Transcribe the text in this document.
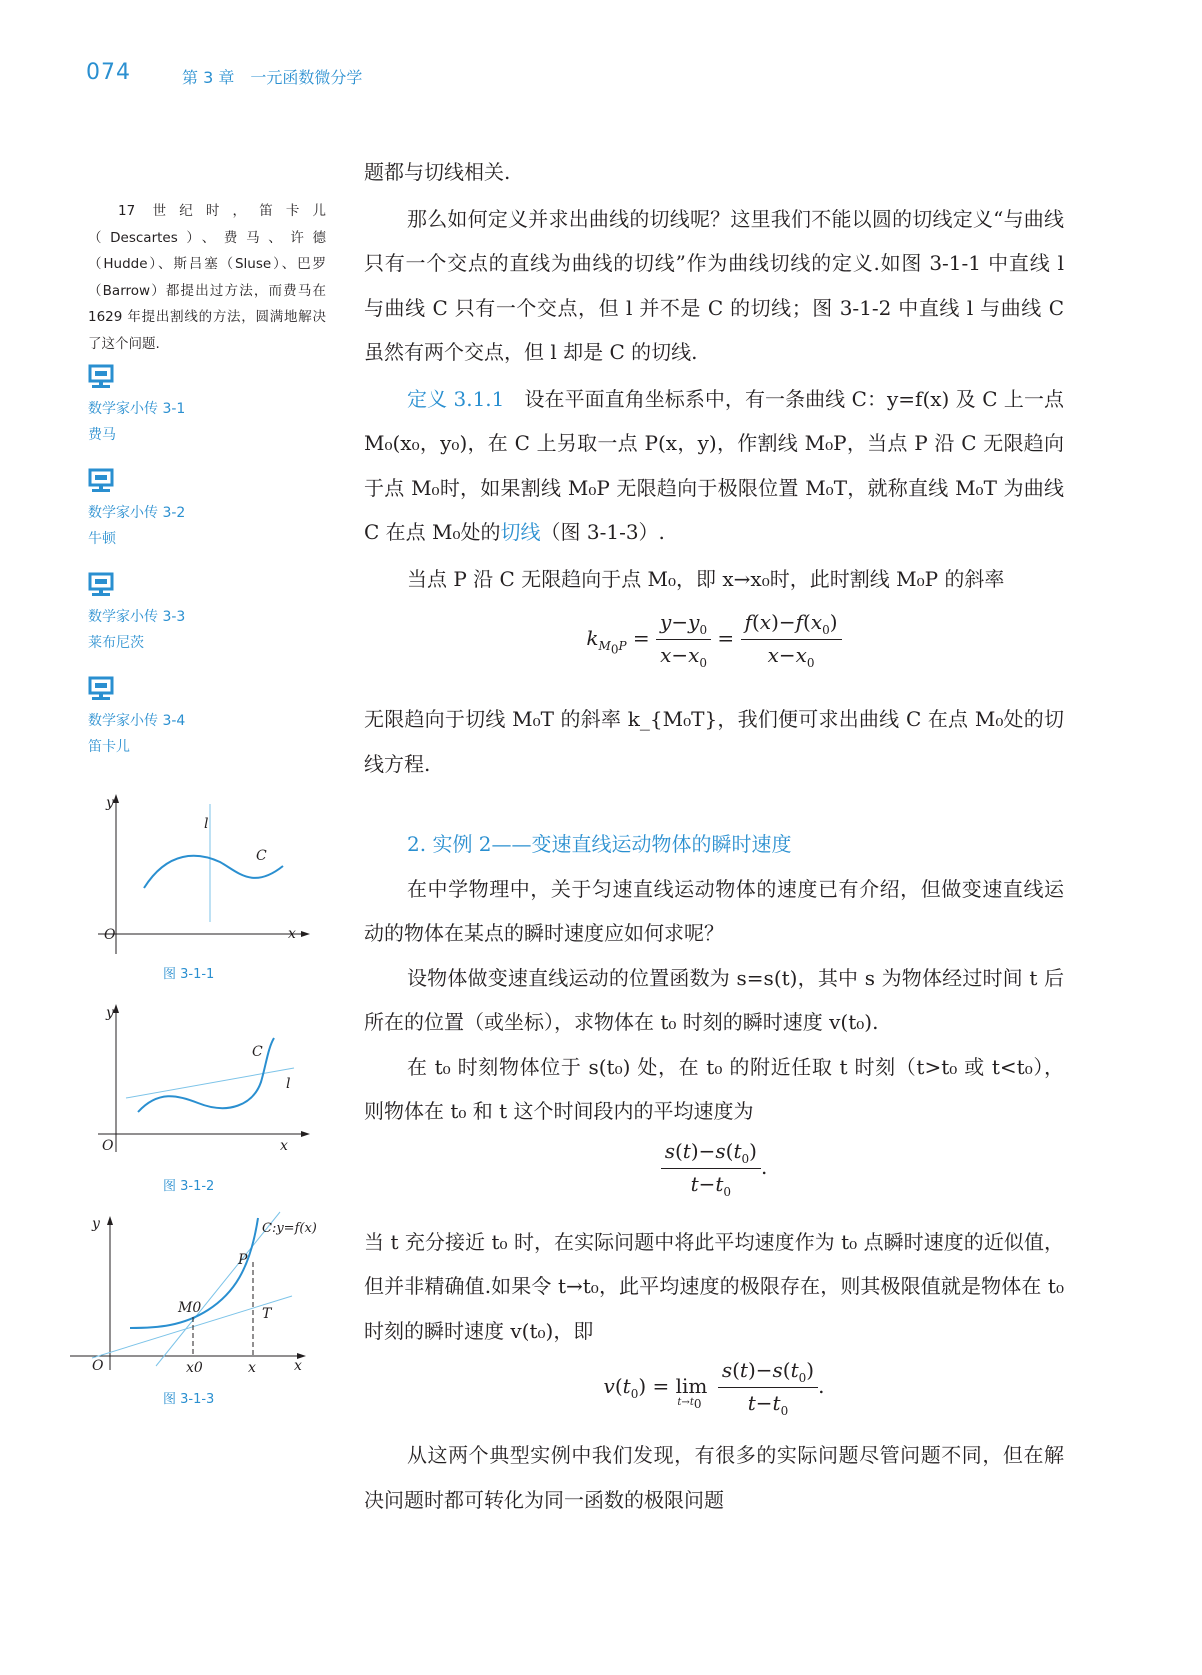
074	第 3 章　一元函数微分学
17 世纪时，笛卡儿（Descartes）、费马、许德（Hudde）、斯吕塞（Sluse）、巴罗（Barrow）都提出过方法，而费马在 1629 年提出割线的方法，圆满地解决了这个问题.
数学家小传 3-1
费马
数学家小传 3-2
牛顿
数学家小传 3-3
莱布尼茨
数学家小传 3-4
笛卡儿
y
x
O
l
C
图 3-1-1
y
x
O
l
C
图 3-1-2
y
x
O
C:y=f(x)
P
M0	T
x0	x
图 3-1-3

题都与切线相关.

那么如何定义并求出曲线的切线呢？这里我们不能以圆的切线定义“与曲线只有一个交点的直线为曲线的切线”作为曲线切线的定义.如图 3-1-1 中直线 l 与曲线 C 只有一个交点，但 l 并不是 C 的切线；图 3-1-2 中直线 l 与曲线 C 虽然有两个交点，但 l 却是 C 的切线.

定义 3.1.1　 设在平面直角坐标系中，有一条曲线 C：y=f(x) 及 C 上一点 M₀(x₀，y₀)，在 C 上另取一点 P(x，y)，作割线 M₀P，当点 P 沿 C 无限趋向于点 M₀时，如果割线 M₀P 无限趋向于极限位置 M₀T，就称直线 M₀T 为曲线 C 在点 M₀处的切线（图 3-1-3）.

当点 P 沿 C 无限趋向于点 M₀，即 x→x₀时，此时割线 M₀P 的斜率

$k_{M_0P} = \frac{y-y_0}{x-x_0} = \frac{f(x)-f(x_0)}{x-x_0}$

无限趋向于切线 M₀T 的斜率 k_{M₀T}，我们便可求出曲线 C 在点 M₀处的切线方程.

2. 实例 2——变速直线运动物体的瞬时速度

在中学物理中，关于匀速直线运动物体的速度已有介绍，但做变速直线运动的物体在某点的瞬时速度应如何求呢？

设物体做变速直线运动的位置函数为 s=s(t)，其中 s 为物体经过时间 t 后所在的位置（或坐标），求物体在 t₀ 时刻的瞬时速度 v(t₀).

在 t₀ 时刻物体位于 s(t₀) 处，在 t₀ 的附近任取 t 时刻（t>t₀ 或 t<t₀），则物体在 t₀ 和 t 这个时间段内的平均速度为

$\frac{s(t)-s(t_0)}{t-t_0}$ .

当 t 充分接近 t₀ 时，在实际问题中将此平均速度作为 t₀ 点瞬时速度的近似值，但并非精确值.如果令 t→t₀，此平均速度的极限存在，则其极限值就是物体在 t₀ 时刻的瞬时速度 v(t₀)，即

$v(t_0) = \lim_{t\to t_0} \frac{s(t)-s(t_0)}{t-t_0}$ .

从这两个典型实例中我们发现，有很多的实际问题尽管问题不同，但在解决问题时都可转化为同一函数的极限问题
